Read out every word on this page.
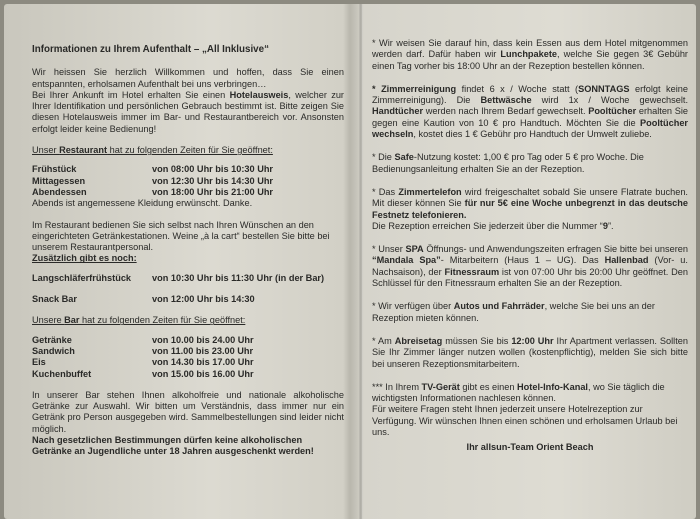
Informationen zu Ihrem Aufenthalt – „All Inklusive“

Wir heissen Sie herzlich Willkommen und hoffen, dass Sie einen entspannten, erholsamen Aufenthalt bei uns verbringen…

Bei Ihrer Ankunft im Hotel erhalten Sie einen Hotelausweis, welcher zur Ihrer Identifikation und persönlichen Gebrauch bestimmt ist. Bitte zeigen Sie diesen Hotelausweis immer im Bar- und Restaurantbereich vor. Ansonsten erfolgt leider keine Bedienung!

Unser Restaurant hat zu folgenden Zeiten für Sie geöffnet:

Frühstück	von 08:00 Uhr bis 10:30 Uhr
Mittagessen	von 12:30 Uhr bis 14:30 Uhr
Abendessen	von 18:00 Uhr bis 21:00 Uhr

Abends ist angemessene Kleidung erwünscht. Danke.

Im Restaurant bedienen Sie sich selbst nach Ihren Wünschen an den eingerichteten Getränkestationen. Weine „à la cart“ bestellen Sie bitte bei unserem Restaurantpersonal.

Zusätzlich gibt es noch:

Langschläferfrühstück	von 10:30 Uhr bis 11:30 Uhr (in der Bar)
Snack Bar	von 12:00 Uhr bis 14:30

Unsere Bar hat zu folgenden Zeiten für Sie geöffnet:

Getränke	von 10.00 bis 24.00 Uhr
Sandwich	von 11.00 bis 23.00 Uhr
Eis	von 14.30 bis 17.00 Uhr
Kuchenbuffet	von 15.00 bis 16.00 Uhr

In unserer Bar stehen Ihnen alkoholfreie und nationale alkoholische Getränke zur Auswahl. Wir bitten um Verständnis, dass immer nur ein Getränk pro Person ausgegeben wird. Sammelbestellungen sind leider nicht möglich.

Nach gesetzlichen Bestimmungen dürfen keine alkoholischen Getränke an Jugendliche unter 18 Jahren ausgeschenkt werden!

* Wir weisen Sie darauf hin, dass kein Essen aus dem Hotel mitgenommen werden darf. Dafür haben wir Lunchpakete, welche Sie gegen 3€ Gebühr einen Tag vorher bis 18:00 Uhr an der Rezeption bestellen können.

* Zimmerreinigung findet 6 x / Woche statt (SONNTAGS erfolgt keine Zimmerreinigung). Die Bettwäsche wird 1x / Woche gewechselt. Handtücher werden nach Ihrem Bedarf gewechselt. Pooltücher erhalten Sie gegen eine Kaution von 10 € pro Handtuch. Möchten Sie die Pooltücher wechseln, kostet dies 1 € Gebühr pro Handtuch der Umwelt zuliebe.

* Die Safe-Nutzung kostet: 1,00 € pro Tag oder 5 € pro Woche. Die Bedienungsanleitung erhalten Sie an der Rezeption.

* Das Zimmertelefon wird freigeschaltet sobald Sie unsere Flatrate buchen. Mit dieser können Sie für nur 5€ eine Woche unbegrenzt in das deutsche Festnetz telefonieren.
Die Rezeption erreichen Sie jederzeit über die Nummer “9”.

* Unser SPA Öffnungs- und Anwendungszeiten erfragen Sie bitte bei unseren “Mandala Spa”- Mitarbeitern (Haus 1 – UG). Das Hallenbad (Vor- u. Nachsaison), der Fitnessraum ist von 07:00 Uhr bis 20:00 Uhr geöffnet. Den Schlüssel für den Fitnessraum erhalten Sie an der Rezeption.

* Wir verfügen über Autos und Fahrräder, welche Sie bei uns an der Rezeption mieten können.

* Am Abreisetag müssen Sie bis 12:00 Uhr Ihr Apartment verlassen. Sollten Sie Ihr Zimmer länger nutzen wollen (kostenpflichtig), melden Sie sich bitte bei unseren Rezeptionsmitarbeitern.

*** In Ihrem TV-Gerät gibt es einen Hotel-Info-Kanal, wo Sie täglich die wichtigsten Informationen nachlesen können.

Für weitere Fragen steht Ihnen jederzeit unsere Hotelrezeption zur Verfügung. Wir wünschen Ihnen einen schönen und erholsamen Urlaub bei uns.

Ihr allsun-Team Orient Beach
